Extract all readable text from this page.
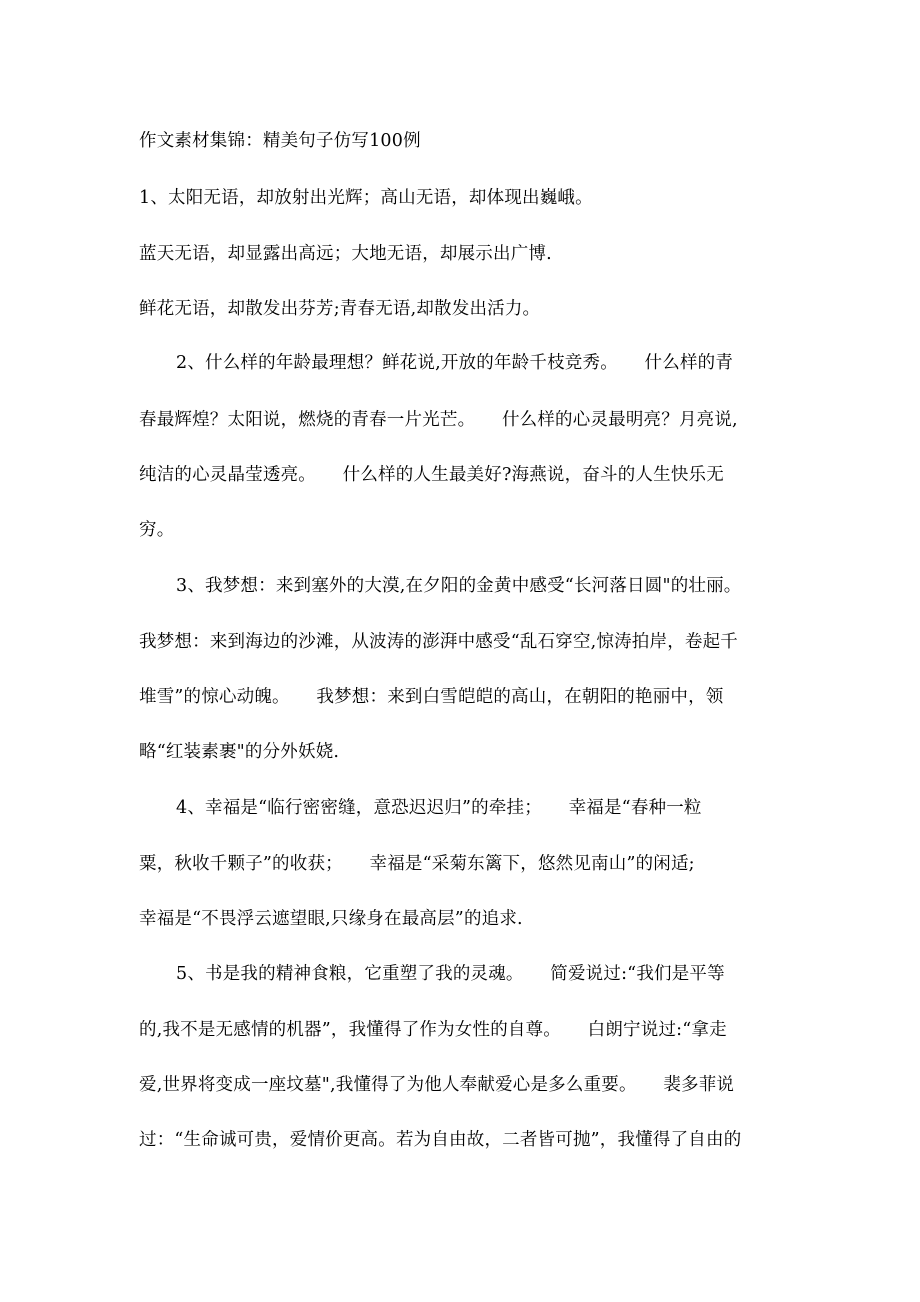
作文素材集锦：精美句子仿写100例
1、太阳无语，却放射出光辉；高山无语，却体现出巍峨。
蓝天无语，却显露出高远；大地无语，却展示出广博.
鲜花无语，却散发出芬芳;青春无语,却散发出活力。
2、什么样的年龄最理想？鲜花说,开放的年龄千枝竞秀。　　什么样的青
春最辉煌？太阳说，燃烧的青春一片光芒。　　什么样的心灵最明亮？月亮说,
纯洁的心灵晶莹透亮。　　什么样的人生最美好?海燕说，奋斗的人生快乐无
穷。
3、我梦想：来到塞外的大漠,在夕阳的金黄中感受“长河落日圆"的壮丽。
我梦想：来到海边的沙滩，从波涛的澎湃中感受“乱石穿空,惊涛拍岸，卷起千
堆雪”的惊心动魄。　　我梦想：来到白雪皑皑的高山，在朝阳的艳丽中，领
略“红装素裹"的分外妖娆.
4、幸福是“临行密密缝，意恐迟迟归”的牵挂；　　幸福是“春种一粒
粟，秋收千颗子”的收获；　　幸福是“采菊东篱下，悠然见南山”的闲适;
幸福是“不畏浮云遮望眼,只缘身在最高层”的追求.
5、书是我的精神食粮，它重塑了我的灵魂。　　简爱说过:“我们是平等
的,我不是无感情的机器”，我懂得了作为女性的自尊。　　白朗宁说过:“拿走
爱,世界将变成一座坟墓",我懂得了为他人奉献爱心是多么重要。　　裴多菲说
过：“生命诚可贵，爱情价更高。若为自由故，二者皆可抛”，我懂得了自由的
